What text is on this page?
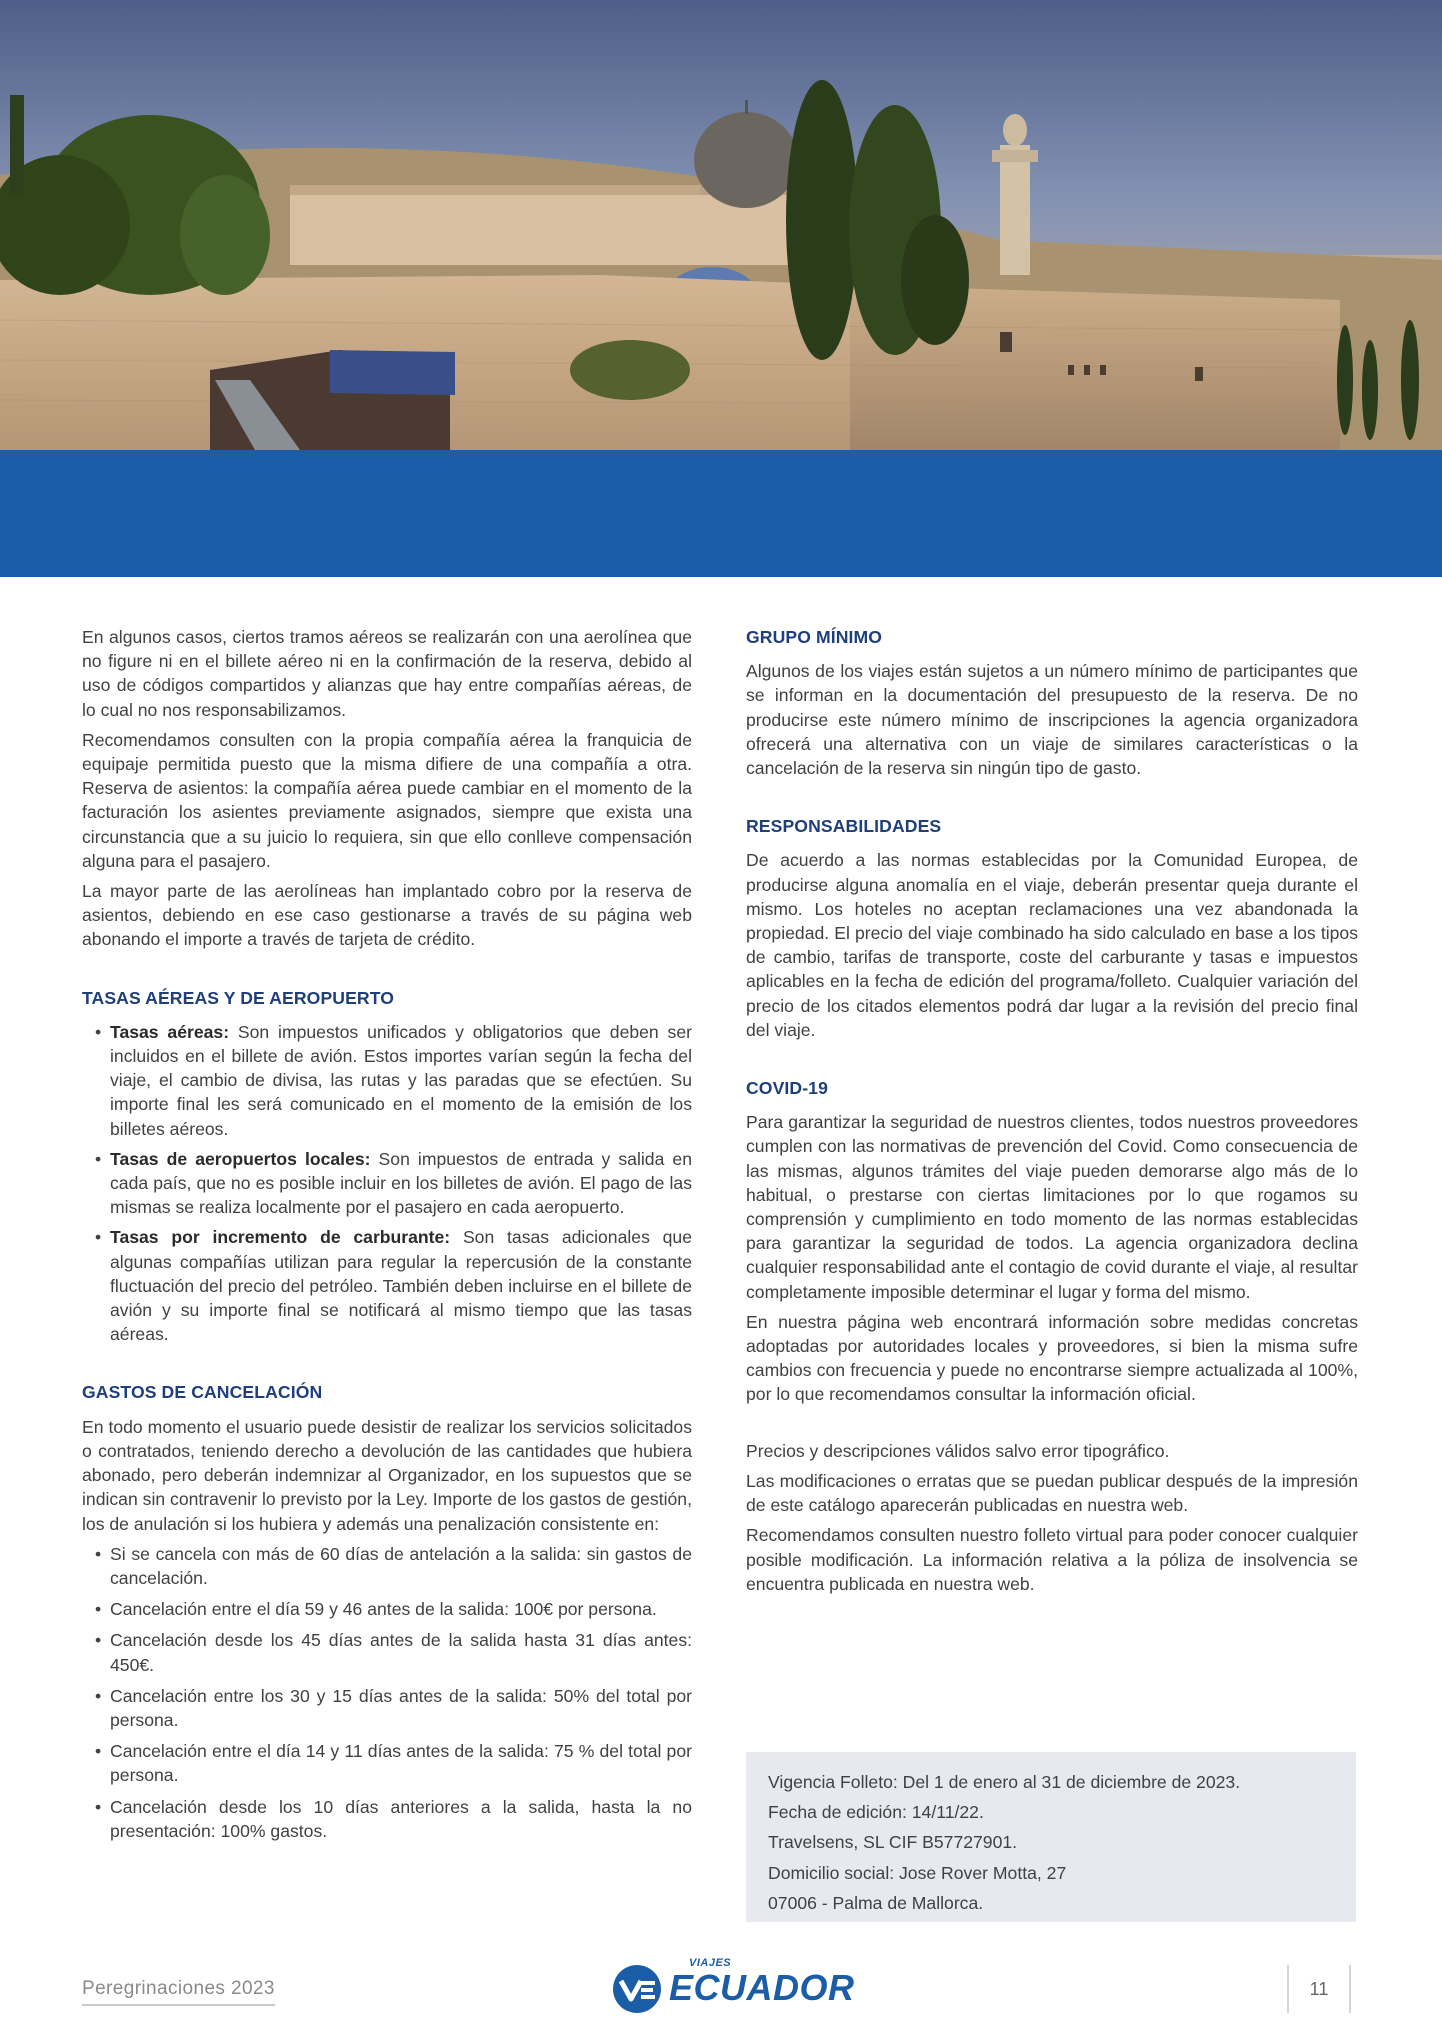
En algunos casos, ciertos tramos aéreos se realizarán con una aerolínea que no figure ni en el billete aéreo ni en la confirmación de la reserva, debido al uso de códigos compartidos y alianzas que hay entre compañías aéreas, de lo cual no nos responsabilizamos.

Recomendamos consulten con la propia compañía aérea la franquicia de equipaje permitida puesto que la misma difiere de una compañía a otra. Reserva de asientos: la compañía aérea puede cambiar en el momento de la facturación los asientes previamente asignados, siempre que exista una circunstancia que a su juicio lo requiera, sin que ello conlleve compensación alguna para el pasajero.

La mayor parte de las aerolíneas han implantado cobro por la reserva de asientos, debiendo en ese caso gestionarse a través de su página web abonando el importe a través de tarjeta de crédito.

TASAS AÉREAS Y DE AEROPUERTO
• Tasas aéreas: Son impuestos unificados y obligatorios que deben ser incluidos en el billete de avión. Estos importes varían según la fecha del viaje, el cambio de divisa, las rutas y las paradas que se efectúen. Su importe final les será comunicado en el momento de la emisión de los billetes aéreos.
• Tasas de aeropuertos locales: Son impuestos de entrada y salida en cada país, que no es posible incluir en los billetes de avión. El pago de las mismas se realiza localmente por el pasajero en cada aeropuerto.
• Tasas por incremento de carburante: Son tasas adicionales que algunas compañías utilizan para regular la repercusión de la constante fluctuación del precio del petróleo. También deben incluirse en el billete de avión y su importe final se notificará al mismo tiempo que las tasas aéreas.
GASTOS DE CANCELACIÓN

En todo momento el usuario puede desistir de realizar los servicios solicitados o contratados, teniendo derecho a devolución de las cantidades que hubiera abonado, pero deberán indemnizar al Organizador, en los supuestos que se indican sin contravenir lo previsto por la Ley. Importe de los gastos de gestión, los de anulación si los hubiera y además una penalización consistente en:

• Si se cancela con más de 60 días de antelación a la salida: sin gastos de cancelación.
• Cancelación entre el día 59 y 46 antes de la salida: 100€ por persona.
• Cancelación desde los 45 días antes de la salida hasta 31 días antes: 450€.
• Cancelación entre los 30 y 15 días antes de la salida: 50% del total por persona.
• Cancelación entre el día 14 y 11 días antes de la salida: 75 % del total por persona.
• Cancelación desde los 10 días anteriores a la salida, hasta la no presentación: 100% gastos.
GRUPO MÍNIMO

Algunos de los viajes están sujetos a un número mínimo de participantes que se informan en la documentación del presupuesto de la reserva. De no producirse este número mínimo de inscripciones la agencia organizadora ofrecerá una alternativa con un viaje de similares características o la cancelación de la reserva sin ningún tipo de gasto.

RESPONSABILIDADES

De acuerdo a las normas establecidas por la Comunidad Europea, de producirse alguna anomalía en el viaje, deberán presentar queja durante el mismo. Los hoteles no aceptan reclamaciones una vez abandonada la propiedad. El precio del viaje combinado ha sido calculado en base a los tipos de cambio, tarifas de transporte, coste del carburante y tasas e impuestos aplicables en la fecha de edición del programa/folleto. Cualquier variación del precio de los citados elementos podrá dar lugar a la revisión del precio final del viaje.

COVID-19

Para garantizar la seguridad de nuestros clientes, todos nuestros proveedores cumplen con las normativas de prevención del Covid. Como consecuencia de las mismas, algunos trámites del viaje pueden demorarse algo más de lo habitual, o prestarse con ciertas limitaciones por lo que rogamos su comprensión y cumplimiento en todo momento de las normas establecidas para garantizar la seguridad de todos. La agencia organizadora declina cualquier responsabilidad ante el contagio de covid durante el viaje, al resultar completamente imposible determinar el lugar y forma del mismo.

En nuestra página web encontrará información sobre medidas concretas adoptadas por autoridades locales y proveedores, si bien la misma sufre cambios con frecuencia y puede no encontrarse siempre actualizada al 100%, por lo que recomendamos consultar la información oficial.

Precios y descripciones válidos salvo error tipográfico.

Las modificaciones o erratas que se puedan publicar después de la impresión de este catálogo aparecerán publicadas en nuestra web.

Recomendamos consulten nuestro folleto virtual para poder conocer cualquier posible modificación. La información relativa a la póliza de insolvencia se encuentra publicada en nuestra web.

Vigencia Folleto: Del 1 de enero al 31 de diciembre de 2023.
Fecha de edición: 14/11/22.
Travelsens, SL CIF B57727901.
Domicilio social: Jose Rover Motta, 27
07006 - Palma de Mallorca.
Peregrinaciones 2023
VIAJES
ECUADOR	11
